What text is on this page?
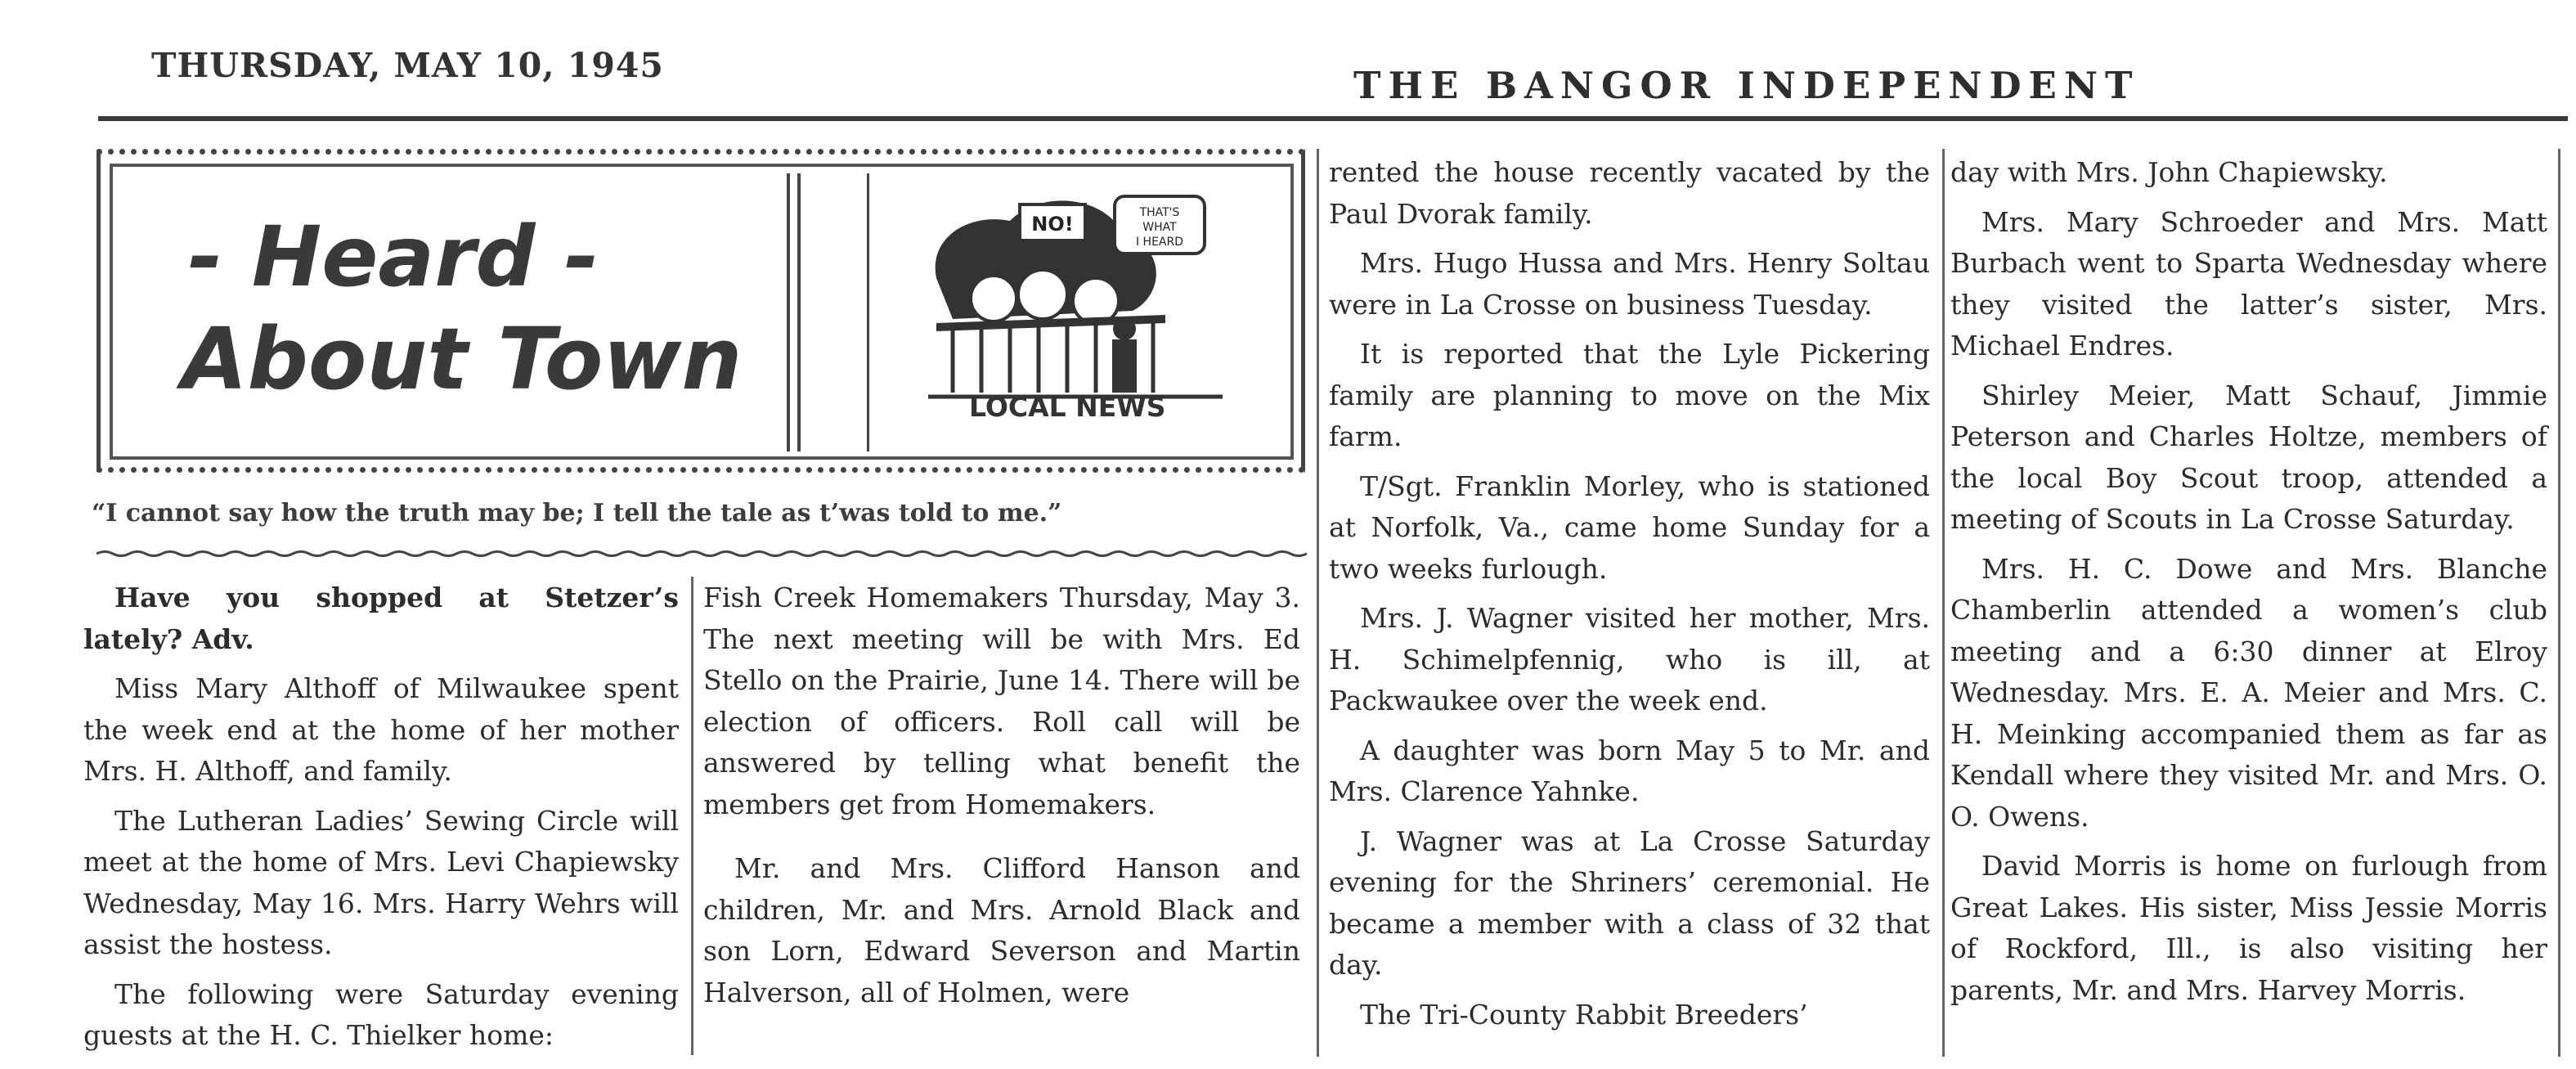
THURSDAY, MAY 10, 1945	THE BANGOR INDEPENDENT
- Heard -
About Town
NO!	THAT'S
WHAT
I HEARD
LOCAL NEWS
“I cannot say how the truth may be; I tell the tale as t’was told to me.”

Have you shopped at Stetzer’s lately? Adv.

Miss Mary Althoff of Milwaukee spent the week end at the home of her mother Mrs. H. Althoff, and family.

The Lutheran Ladies’ Sewing Circle will meet at the home of Mrs. Levi Chapiewsky Wednesday, May 16. Mrs. Harry Wehrs will assist the hostess.

The following were Saturday evening guests at the H. C. Thielker home:

Fish Creek Homemakers Thursday, May 3. The next meeting will be with Mrs. Ed Stello on the Prairie, June 14. There will be election of officers. Roll call will be answered by telling what benefit the members get from Homemakers.

Mr. and Mrs. Clifford Hanson and children, Mr. and Mrs. Arnold Black and son Lorn, Edward Severson and Martin Halverson, all of Holmen, were

rented the house recently vacated by the Paul Dvorak family.

Mrs. Hugo Hussa and Mrs. Henry Soltau were in La Crosse on business Tuesday.

It is reported that the Lyle Pickering family are planning to move on the Mix farm.

T/Sgt. Franklin Morley, who is stationed at Norfolk, Va., came home Sunday for a two weeks furlough.

Mrs. J. Wagner visited her mother, Mrs. H. Schimelpfennig, who is ill, at Packwaukee over the week end.

A daughter was born May 5 to Mr. and Mrs. Clarence Yahnke.

J. Wagner was at La Crosse Saturday evening for the Shriners’ ceremonial. He became a member with a class of 32 that day.

The Tri-County Rabbit Breeders’

day with Mrs. John Chapiewsky.

Mrs. Mary Schroeder and Mrs. Matt Burbach went to Sparta Wednesday where they visited the latter’s sister, Mrs. Michael Endres.

Shirley Meier, Matt Schauf, Jimmie Peterson and Charles Holtze, members of the local Boy Scout troop, attended a meeting of Scouts in La Crosse Saturday.

Mrs. H. C. Dowe and Mrs. Blanche Chamberlin attended a women’s club meeting and a 6:30 dinner at Elroy Wednesday. Mrs. E. A. Meier and Mrs. C. H. Meinking accompanied them as far as Kendall where they visited Mr. and Mrs. O. O. Owens.

David Morris is home on furlough from Great Lakes. His sister, Miss Jessie Morris of Rockford, Ill., is also visiting her parents, Mr. and Mrs. Harvey Morris.
